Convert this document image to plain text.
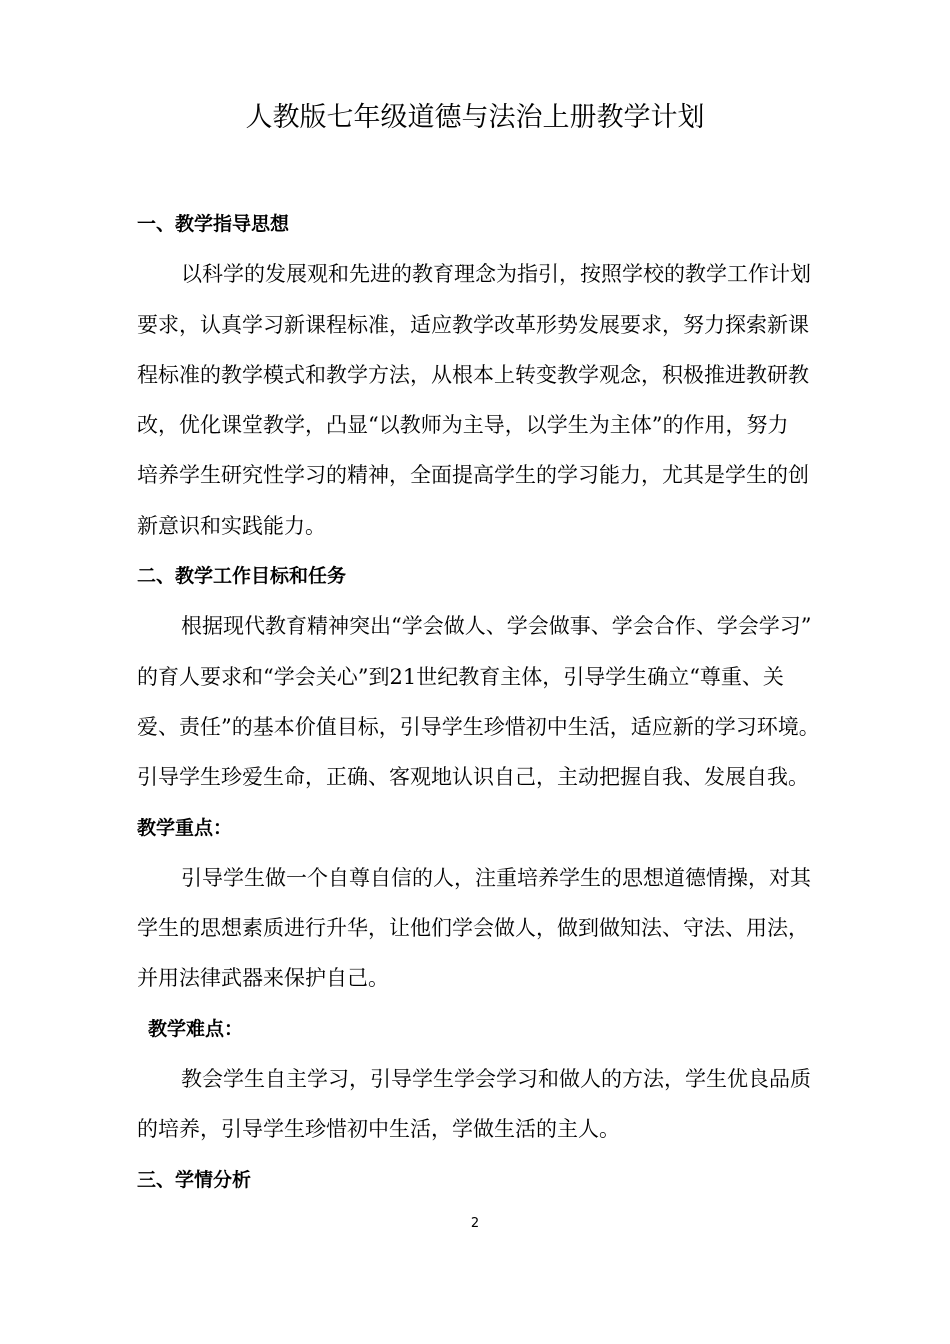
人教版七年级道德与法治上册教学计划
一、教学指导思想
以科学的发展观和先进的教育理念为指引，按照学校的教学工作计划
要求，认真学习新课程标准，适应教学改革形势发展要求，努力探索新课
程标准的教学模式和教学方法，从根本上转变教学观念，积极推进教研教
改，优化课堂教学，凸显“以教师为主导，以学生为主体”的作用，努力
培养学生研究性学习的精神，全面提高学生的学习能力，尤其是学生的创
新意识和实践能力。
二、教学工作目标和任务
根据现代教育精神突出“学会做人、学会做事、学会合作、学会学习”
的育人要求和“学会关心”到21世纪教育主体，引导学生确立“尊重、关
爱、责任”的基本价值目标，引导学生珍惜初中生活，适应新的学习环境。
引导学生珍爱生命，正确、客观地认识自己，主动把握自我、发展自我。
教学重点：
引导学生做一个自尊自信的人，注重培养学生的思想道德情操，对其
学生的思想素质进行升华，让他们学会做人，做到做知法、守法、用法，
并用法律武器来保护自己。
教学难点：
教会学生自主学习，引导学生学会学习和做人的方法，学生优良品质
的培养，引导学生珍惜初中生活，学做生活的主人。
三、学情分析
2
